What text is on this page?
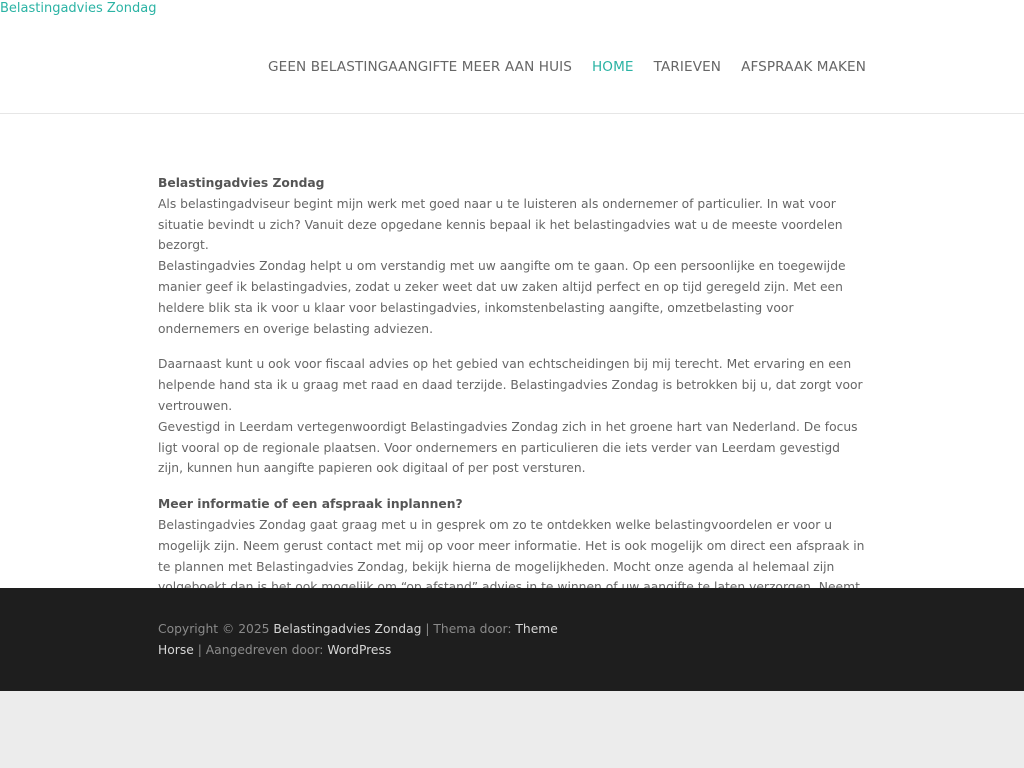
Belastingadvies Zondag
GEEN BELASTINGAANGIFTE MEER AAN HUIS HOME TARIEVEN AFSPRAAK MAKEN

Belastingadvies Zondag
Als belastingadviseur begint mijn werk met goed naar u te luisteren als ondernemer of particulier. In wat voor situatie bevindt u zich? Vanuit deze opgedane kennis bepaal ik het belastingadvies wat u de meeste voordelen bezorgt.
Belastingadvies Zondag helpt u om verstandig met uw aangifte om te gaan. Op een persoonlijke en toegewijde manier geef ik belastingadvies, zodat u zeker weet dat uw zaken altijd perfect en op tijd geregeld zijn. Met een heldere blik sta ik voor u klaar voor belastingadvies, inkomstenbelasting aangifte, omzetbelasting voor ondernemers en overige belasting adviezen.

Daarnaast kunt u ook voor fiscaal advies op het gebied van echtscheidingen bij mij terecht. Met ervaring en een helpende hand sta ik u graag met raad en daad terzijde. Belastingadvies Zondag is betrokken bij u, dat zorgt voor vertrouwen.
Gevestigd in Leerdam vertegenwoordigt Belastingadvies Zondag zich in het groene hart van Nederland. De focus ligt vooral op de regionale plaatsen. Voor ondernemers en particulieren die iets verder van Leerdam gevestigd zijn, kunnen hun aangifte papieren ook digitaal of per post versturen.

Meer informatie of een afspraak inplannen?
Belastingadvies Zondag gaat graag met u in gesprek om zo te ontdekken welke belastingvoordelen er voor u mogelijk zijn. Neem gerust contact met mij op voor meer informatie. Het is ook mogelijk om direct een afspraak in te plannen met Belastingadvies Zondag, bekijk hierna de mogelijkheden. Mocht onze agenda al helemaal zijn

Copyright © 2025 Belastingadvies Zondag | Thema door: Theme Horse | Aangedreven door: WordPress
